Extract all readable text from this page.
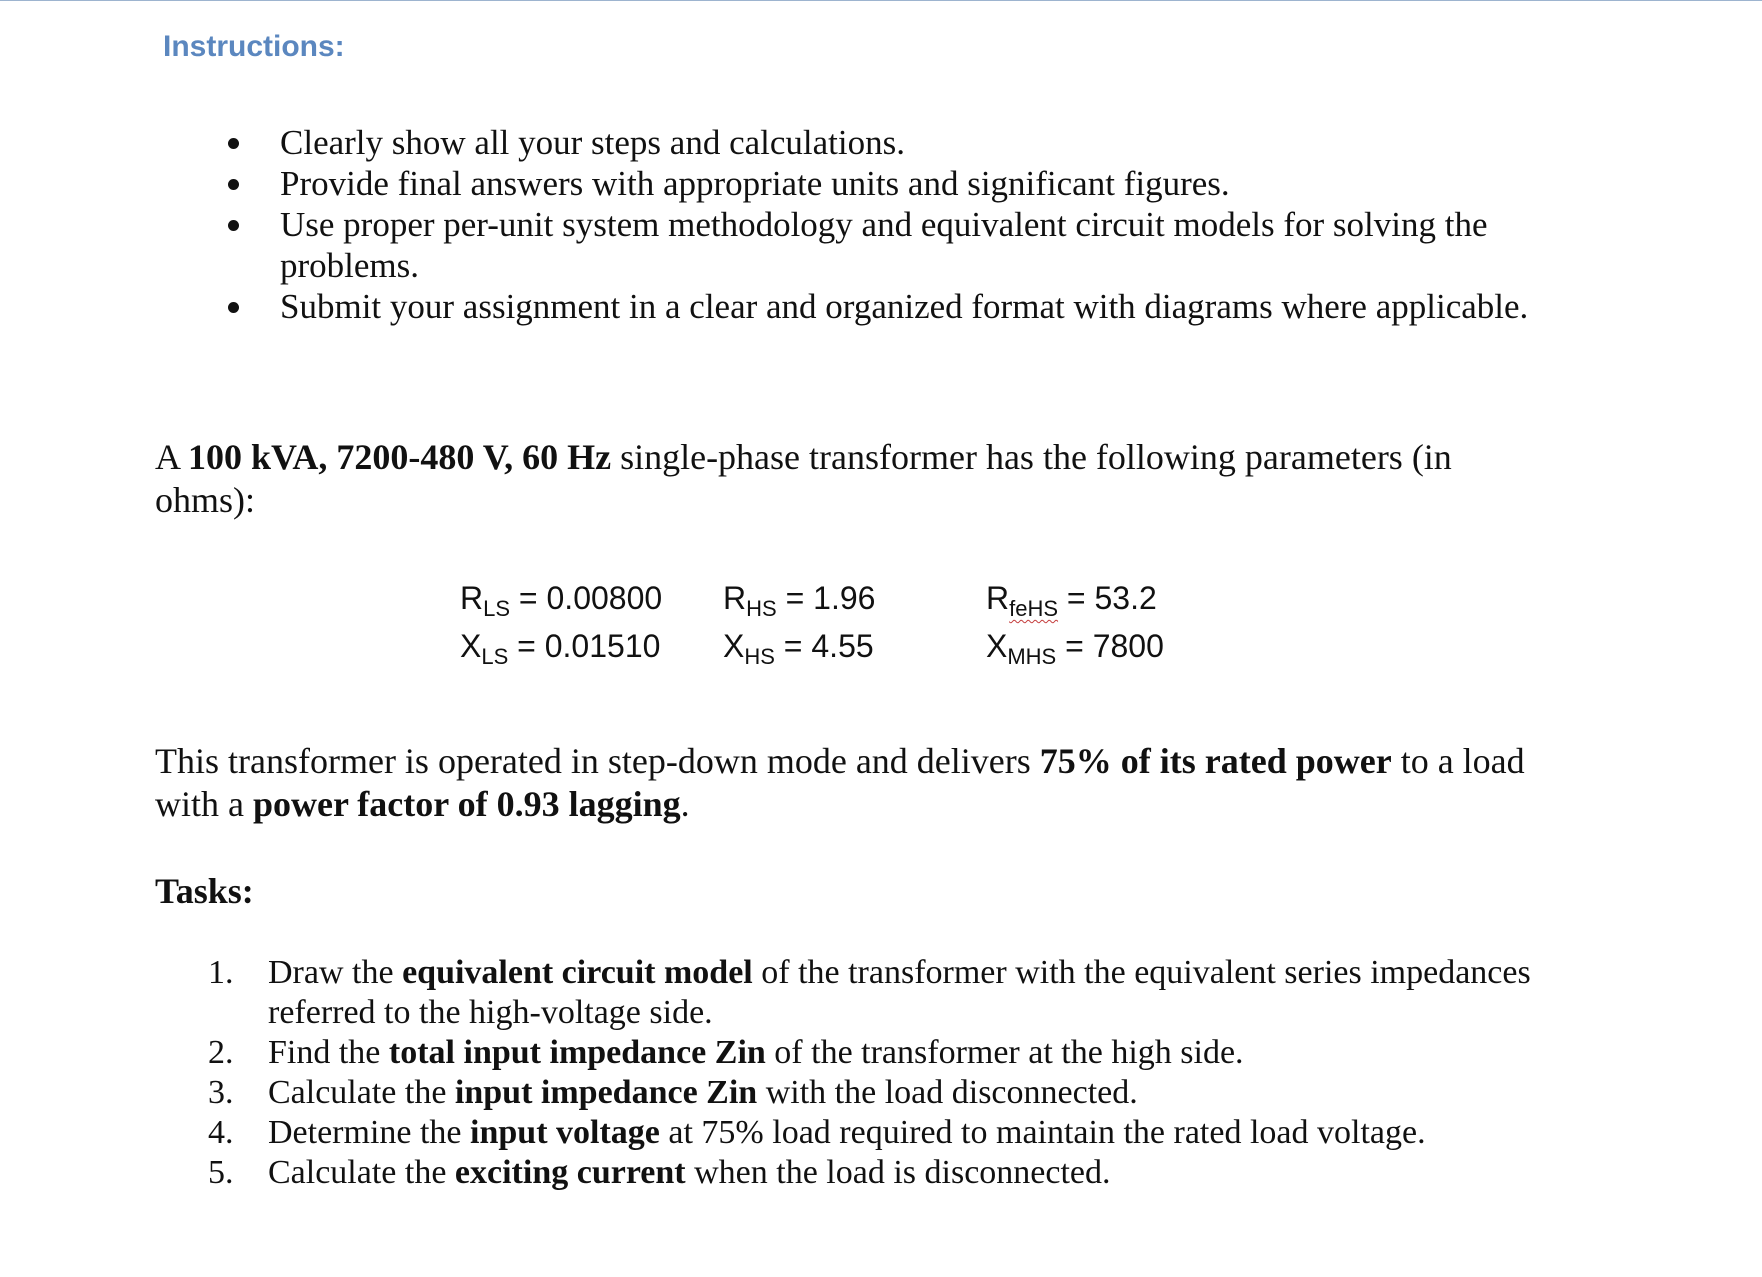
Instructions:
Clearly show all your steps and calculations.
Provide final answers with appropriate units and significant figures.
Use proper per-unit system methodology and equivalent circuit models for solving the problems.
Submit your assignment in a clear and organized format with diagrams where applicable.
A 100 kVA, 7200-480 V, 60 Hz single-phase transformer has the following parameters (in ohms):
$R_{LS} = 0.00800$	$R_{HS} = 1.96$	$R_{feHS} = 53.2$
$X_{LS} = 0.01510$	$X_{HS} = 4.55$	$X_{MHS} = 7800$
This transformer is operated in step-down mode and delivers 75% of its rated power to a load with a power factor of 0.93 lagging.
Tasks:
1. Draw the equivalent circuit model of the transformer with the equivalent series impedances referred to the high-voltage side.
2. Find the total input impedance Zin of the transformer at the high side.
3. Calculate the input impedance Zin with the load disconnected.
4. Determine the input voltage at 75% load required to maintain the rated load voltage.
5. Calculate the exciting current when the load is disconnected.
